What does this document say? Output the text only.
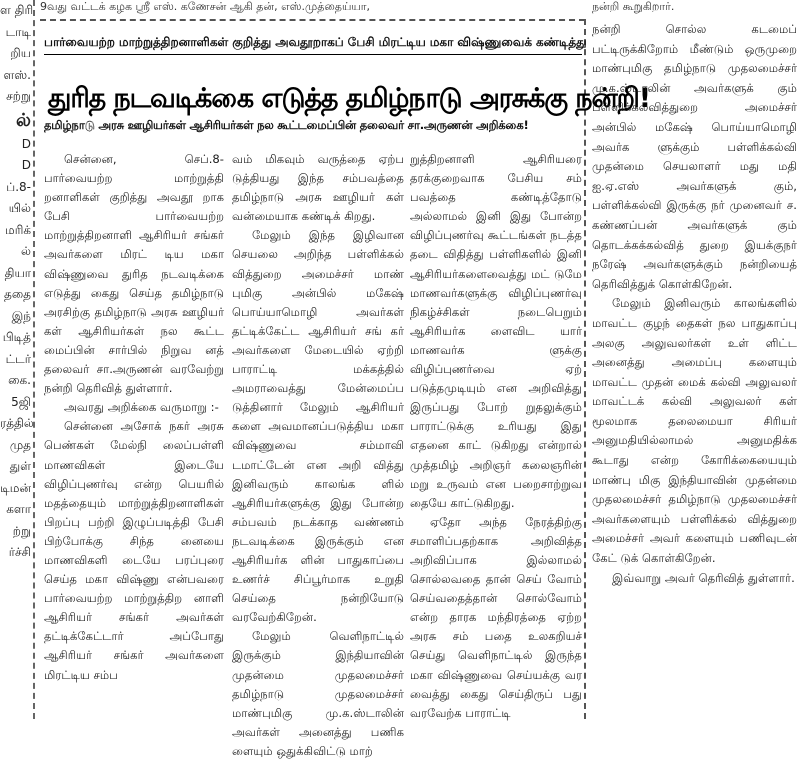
ள திரி
டாடி
றிய
ளஸ்.
சற்று
ல்
D
D
ப்.8-
யில்
மரிக்
ல்
தியா
ததை
இந்
பிடித்
ட்டர்
கை.
5ஜி
ரத்தில்
முத
துள்
டிமன்
களா
ற்று
ர்ச்சி
9வது வட்டக் கழக ஸ்ரீ எஸ். கணேசன் ஆகி தன், எஸ்.முத்தைய்யா,	நன்றி கூறுகிறார்.
பார்வையற்ற மாற்றுத்திறனாளிகள் குறித்து அவதூறாகப் பேசி மிரட்டிய மகா விஷ்ணுவைக் கண்டித்து
துரித நடவடிக்கை எடுத்த தமிழ்நாடு அரசுக்கு நன்றி!
தமிழ்நாடு அரசு ஊழியர்கள் ஆசிரியர்கள் நல கூட்டமைப்பின் தலைவர் சா.அருணன் அறிக்கை!

சென்னை, செப்.8- பார்வையற்ற மாற்றுத்தி றனாளிகள் குறித்து அவதூ றாக பேசி பார்வையற்ற மாற்றுத்திறனாளி ஆசிரியர் சங்கர் அவர்களை மிரட் டிய மகா விஷ்ணுவை துரித நடவடிக்கை எடுத்து கைது செய்த தமிழ்நாடு அரசிற்கு தமிழ்நாடு அரசு ஊழியர் கள் ஆசிரியர்கள் நல கூட்ட மைப்பின் சார்பில் நிறுவ னத் தலைவர் சா.அருணன் வரவேற்று நன்றி தெரிவித் துள்ளார்.

அவரது அறிக்கை வருமாறு :-

சென்னை அசோக் நகர் அரசு பெண்கள் மேல்நி லைப்பள்ளி மாணவிகள் இடையே விழிப்புணர்வு என்ற பெயரில் மதத்தையும் மாற்றுத்திறனாளிகள் பிறப்பு பற்றி இழுப்படித்தி பேசி பிற்போக்கு சிந்த னையை மாணவிகளி டையே பரப்புரை செய்த மகா விஷ்ணு என்பவரை பார்வையற்ற மாற்றுத்திற னாளி ஆசிரியர் சங்கர் அவர்கள் தட்டிக்கேட்டார் அப்போது ஆசிரியர் சங்கர் அவர்களை மிரட்டிய சம்ப

வம் மிகவும் வருத்தை ஏற்ப டுத்தியது இந்த சம்பவத்தை தமிழ்நாடு அரசு ஊழியர் கள் வன்மையாக கண்டிக் கிறது.

மேலும் இந்த இழிவான செயலை அறிந்த பள்ளிக்கல் வித்துறை அமைச்சர் மாண் புமிகு அன்பில் மகேஷ் பொய்யாமொழி அவர்கள் தட்டிக்கேட்ட ஆசிரியர் சங் கர் அவர்களை மேடையில் ஏற்றி பாராட்டி மக்கத்தில் அமராவைத்து மேன்மைப்ப டுத்தினார் மேலும் ஆசிரியர் களை அவமானப்படுத்திய மகா விஷ்ணுவை சம்மாவி டமாட்டேன் என அறி வித்து இனிவரும் காலங்க ளில் ஆசிரியர்களுக்கு இது போன்ற சம்பவம் நடக்காத வண்ணம் நடவடிக்கை இருக்கும் என ஆசிரியர்க ளின் பாதுகாப்பை உணர்ச் சிப்பூர்மாக உறுதி செய்தை நன்றியோடு வரவேற்கிறேன்.

மேலும் வெளிநாட்டில் இருக்கும் இந்தியாவின் முதன்மை முதலமைச்சர் தமிழ்நாடு முதலமைச்சர் மாண்புமிகு மு.க.ஸ்டாலின் அவர்கள் அனைத்து பணிக ளையும் ஒதுக்கிவிட்டு மாற்

றுத்திறனாளி ஆசிரியரை தரக்குறைவாக பேசிய சம் பவத்தை கண்டித்தோடு அல்லாமல் இனி இது போன்ற விழிப்புணர்வு கூட்டங்கள் நடத்த தடை விதித்து பள்ளிகளில் இனி ஆசிரியர்களைவைத்து மட் டுமே மாணவர்களுக்கு விழிப்புணர்வு நிகழ்ச்சிகள் நடைபெறும் ஆசிரியர்க ளைவிட யார் மாணவர்க ளுக்கு விழிப்புணர்வை ஏற் படுத்தமுடியும் என அறிவித்து இருப்பது போற் றுதலுக்கும் பாராட்டுக்கு உரியது இது எதனை காட் டுகிறது என்றால் முத்தமிழ் அறிஞர் கலைஞரின் மறு உருவம் என பறைசாற்றுவ தையே காட்டுகிறது.

ஏதோ அந்த நேரத்திற்கு சமாளிப்பதற்காக அறிவித்த அறிவிப்பாக இல்லாமல் சொல்லவதை தான் செய் வோம் செய்வதைத்தான் சொல்வோம் என்ற தாரக மந்திரத்தை ஏற்ற அரசு சம் பதை உலகறியச் செய்து வெளிநாட்டில் இருந்த மகா விஷ்ணுவை செய்யக்கு வர வைத்து கைது செய்திருப் பது வரவேற்க பாராட்டி

நன்றி சொல்ல கடமைப் பட்டிருக்கிறோம் மீண்டும் ஒருமுறை மாண்புமிகு தமிழ்நாடு முதலமைச்சர் மு.க.ஸ்டாலின் அவர்களுக் கும் பள்ளிக்கல்வித்துறை அமைச்சர் அன்பில் மகேஷ் பொய்யாமொழி அவர்க ளுக்கும் பள்ளிக்கல்வி முதன்மை செயலாளர் மது மதி ஐ.ஏ.எஸ் அவர்களுக் கும், பள்ளிக்கல்வி இருக்கு நர் முனைவர் ச. கண்ணப்பன் அவர்களுக் கும் தொடக்கக்கல்வித் துறை இயக்குநர் நரேஷ் அவர்களுக்கும் நன்றியைத் தெரிவித்துக் கொள்கிறேன்.

மேலும் இனிவரும் காலங்களில் மாவட்ட குழந் தைகள் நல பாதுகாப்பு அலகு அலுவலர்கள் உள் ளிட்ட அனைத்து அமைப்பு களையும் மாவட்ட முதன் மைக் கல்வி அலுவலர் மாவட்டக் கல்வி அலுவலர் கள் மூலமாக தலைமையா சிரியர் அனுமதியில்லாமல் அனுமதிக்க கூடாது என்ற கோரிக்கையையும் மாண்பு மிகு இந்தியாவின் முதன்மை முதலமைச்சர் தமிழ்நாடு முதலமைச்சர் அவர்களையும் பள்ளிக்கல் வித்துறை அமைச்சர் அவர் களையும் பணிவுடன் கேட் டுக் கொள்கிறேன்.

இவ்வாறு அவர் தெரிவித் துள்ளார்.
